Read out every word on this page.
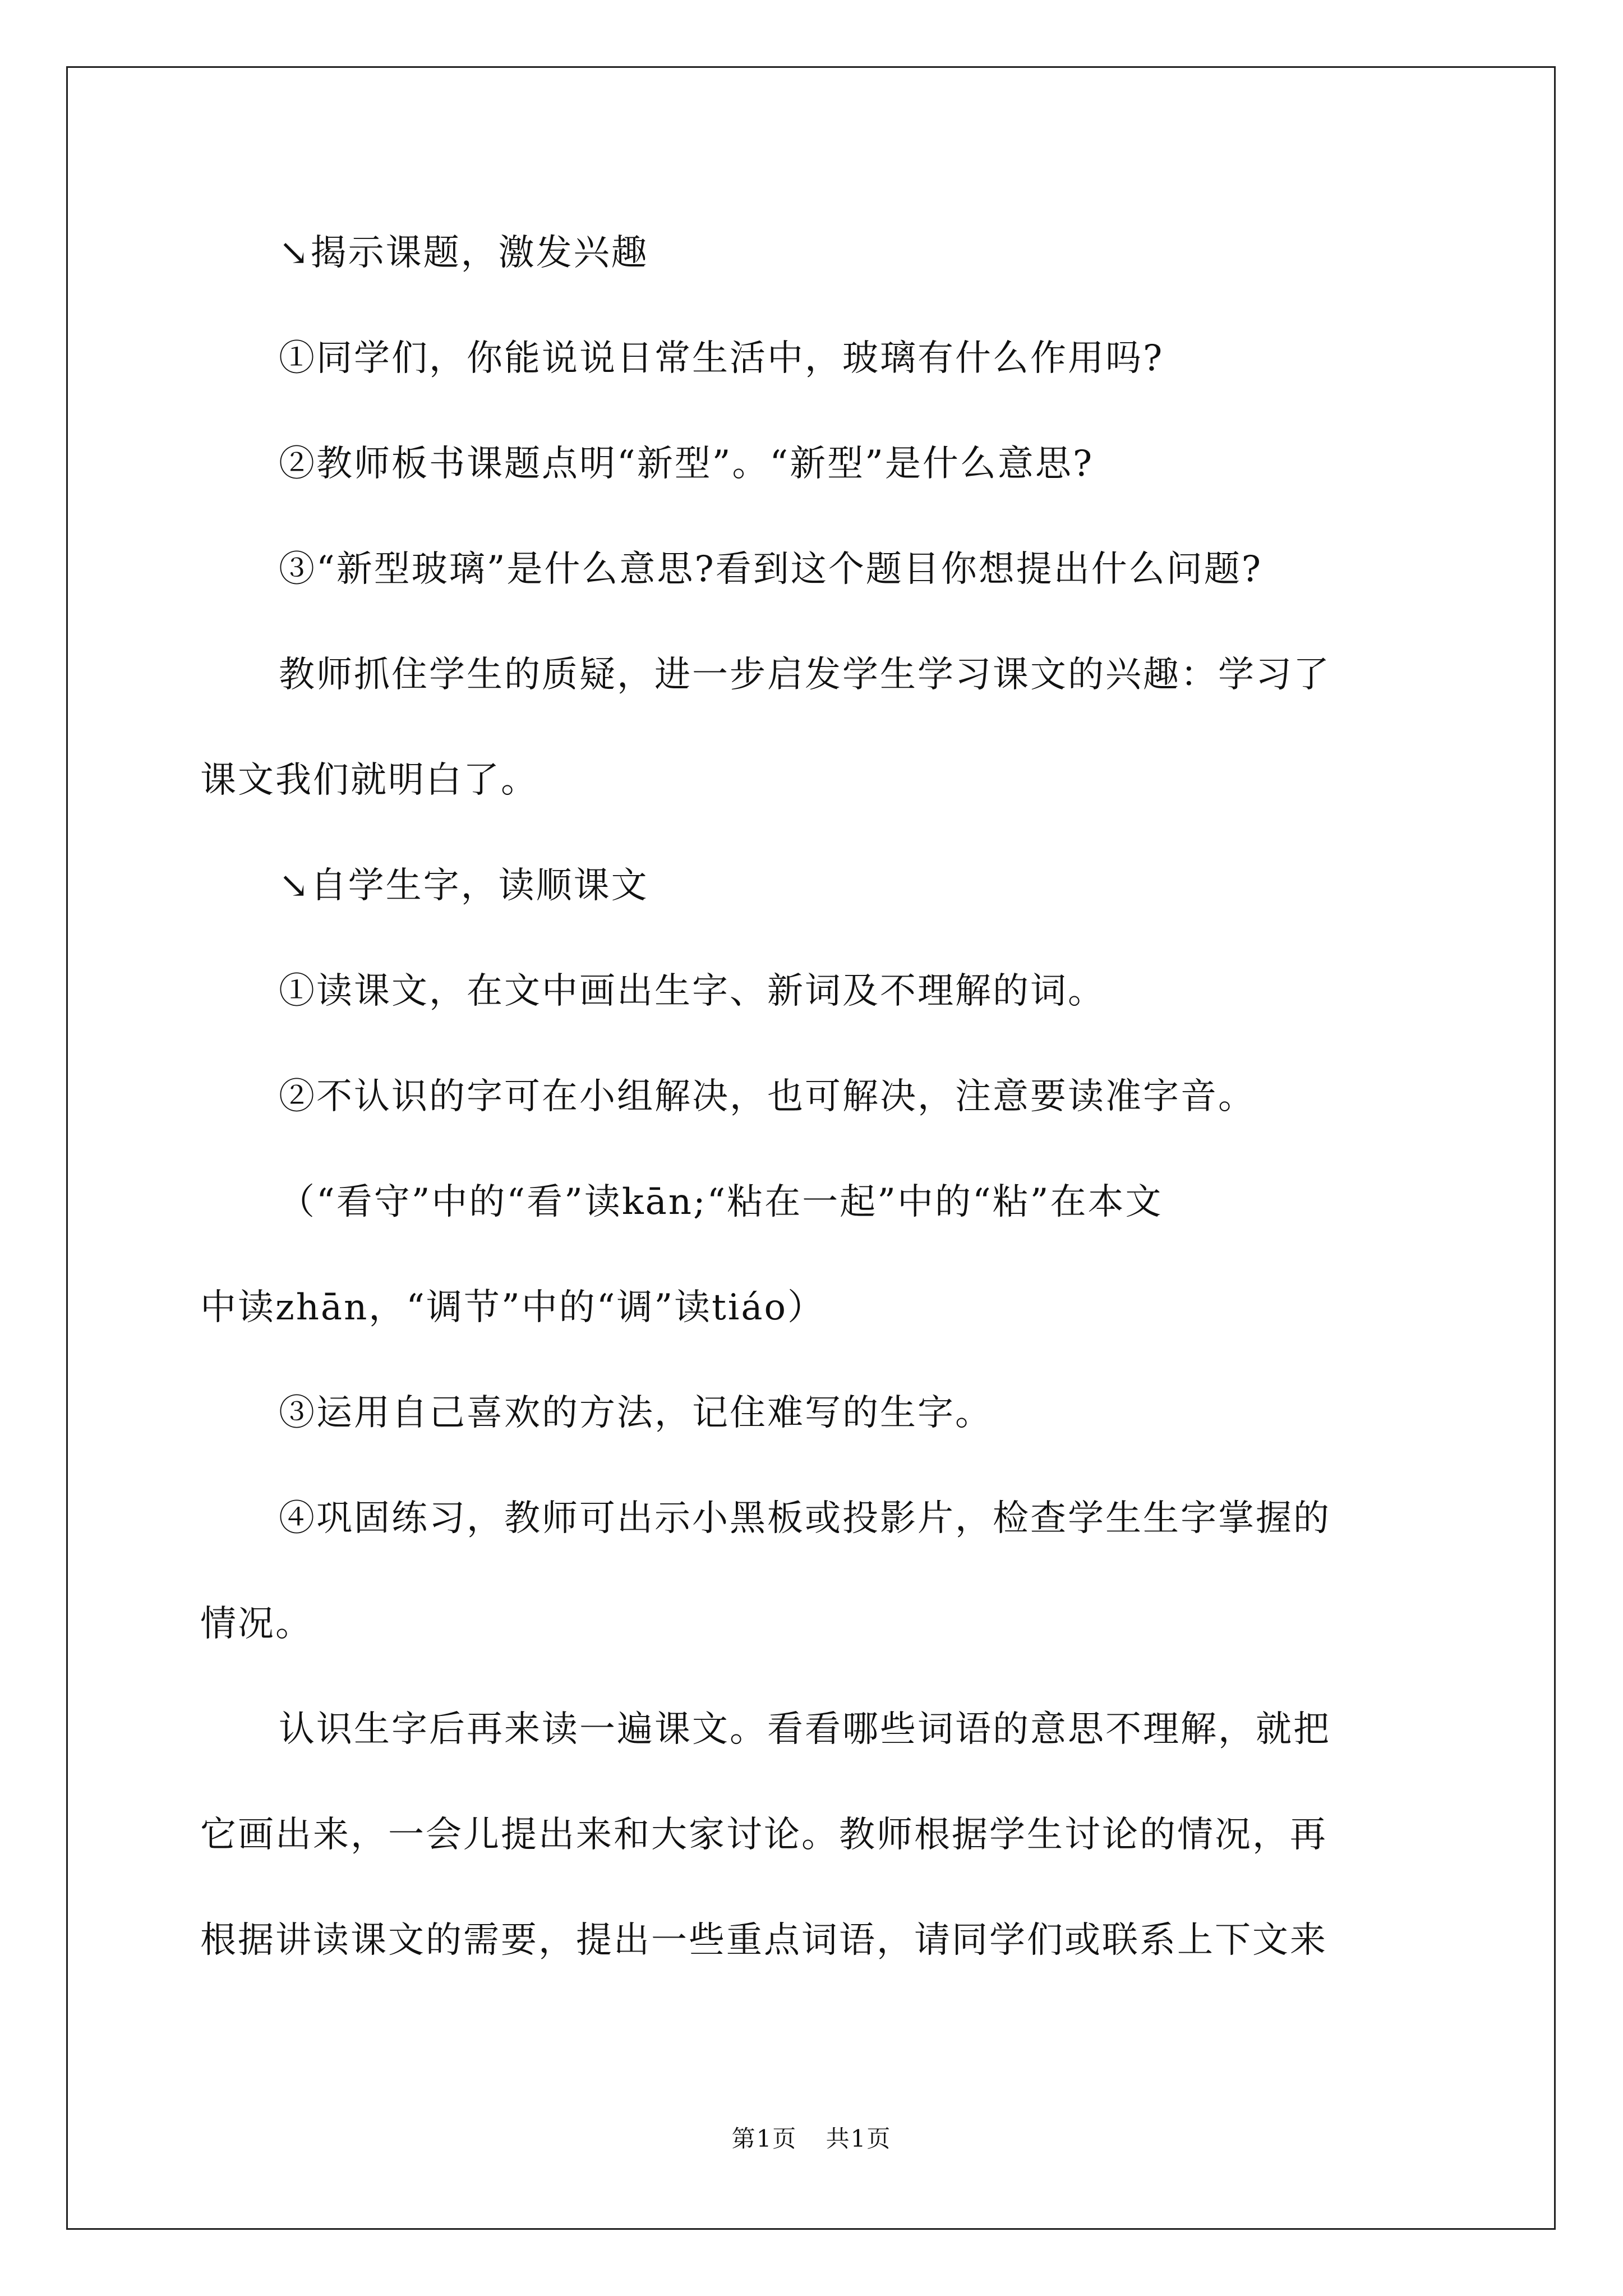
↘揭示课题，激发兴趣
①同学们，你能说说日常生活中，玻璃有什么作用吗?
②教师板书课题点明“新型”。“新型”是什么意思?
③“新型玻璃”是什么意思?看到这个题目你想提出什么问题?
教师抓住学生的质疑，进一步启发学生学习课文的兴趣：学习了
课文我们就明白了。
↘自学生字，读顺课文
①读课文，在文中画出生字、新词及不理解的词。
②不认识的字可在小组解决，也可解决，注意要读准字音。
（“看守”中的“看”读kān;“粘在一起”中的“粘”在本文
中读zhān，“调节”中的“调”读tiáo）
③运用自己喜欢的方法，记住难写的生字。
④巩固练习，教师可出示小黑板或投影片，检查学生生字掌握的
情况。
认识生字后再来读一遍课文。看看哪些词语的意思不理解，就把
它画出来，一会儿提出来和大家讨论。教师根据学生讨论的情况，再
根据讲读课文的需要，提出一些重点词语，请同学们或联系上下文来

第1页 共1页
